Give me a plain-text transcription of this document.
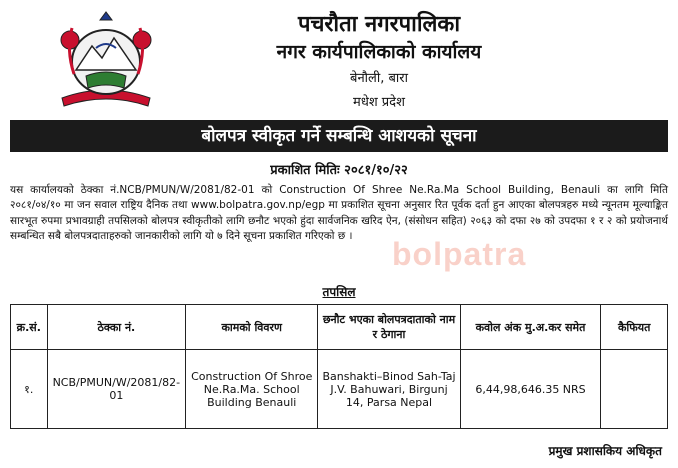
पचरौता नगरपालिका
नगर कार्यपालिकाको कार्यालय
बेनौली, बारा
मधेश प्रदेश
बोलपत्र स्वीकृत गर्ने सम्बन्धि आशयको सूचना
प्रकाशित मितिः २०८१/१०/२२
यस कार्यालयको ठेक्का नं.NCB/PMUN/W/2081/82-01 को Construction Of Shree Ne.Ra.Ma School Building, Benauli का लागि मिति २०८१/०४/१० मा जन सवाल राष्ट्रिय दैनिक तथा www.bolpatra.gov.np/egp मा प्रकाशित सूचना अनुसार रित पूर्वक दर्ता हुन आएका बोलपत्रहरु मध्ये न्यूनतम मूल्याङ्कित सारभूत रुपमा प्रभावग्राही तपसिलको बोलपत्र स्वीकृतीको लागि छनौट भएको हुंदा सार्वजनिक खरिद ऐन, (संसोधन सहित) २०६३ को दफा २७ को उपदफा १ र २ को प्रयोजनार्थ सम्बन्धित सबै बोलपत्रदाताहरुको जानकारीको लागि यो ७ दिने सूचना प्रकाशित गरिएको छ ।	bolpatra
तपसिल
क्र.सं.	ठेक्का नं.	कामको विवरण	छनौट भएका बोलपत्रदाताको नाम र ठेगाना	कवोल अंक मु.अ.कर समेत	कैफियत
१.	NCB/PMUN/W/2081/82-01	Construction Of Shroe Ne.Ra.Ma. School Building Benauli	Banshakti–Binod Sah-Taj J.V. Bahuwari, Birgunj 14, Parsa Nepal	6,44,98,646.35 NRS	
प्रमुख प्रशासकिय अधिकृत
